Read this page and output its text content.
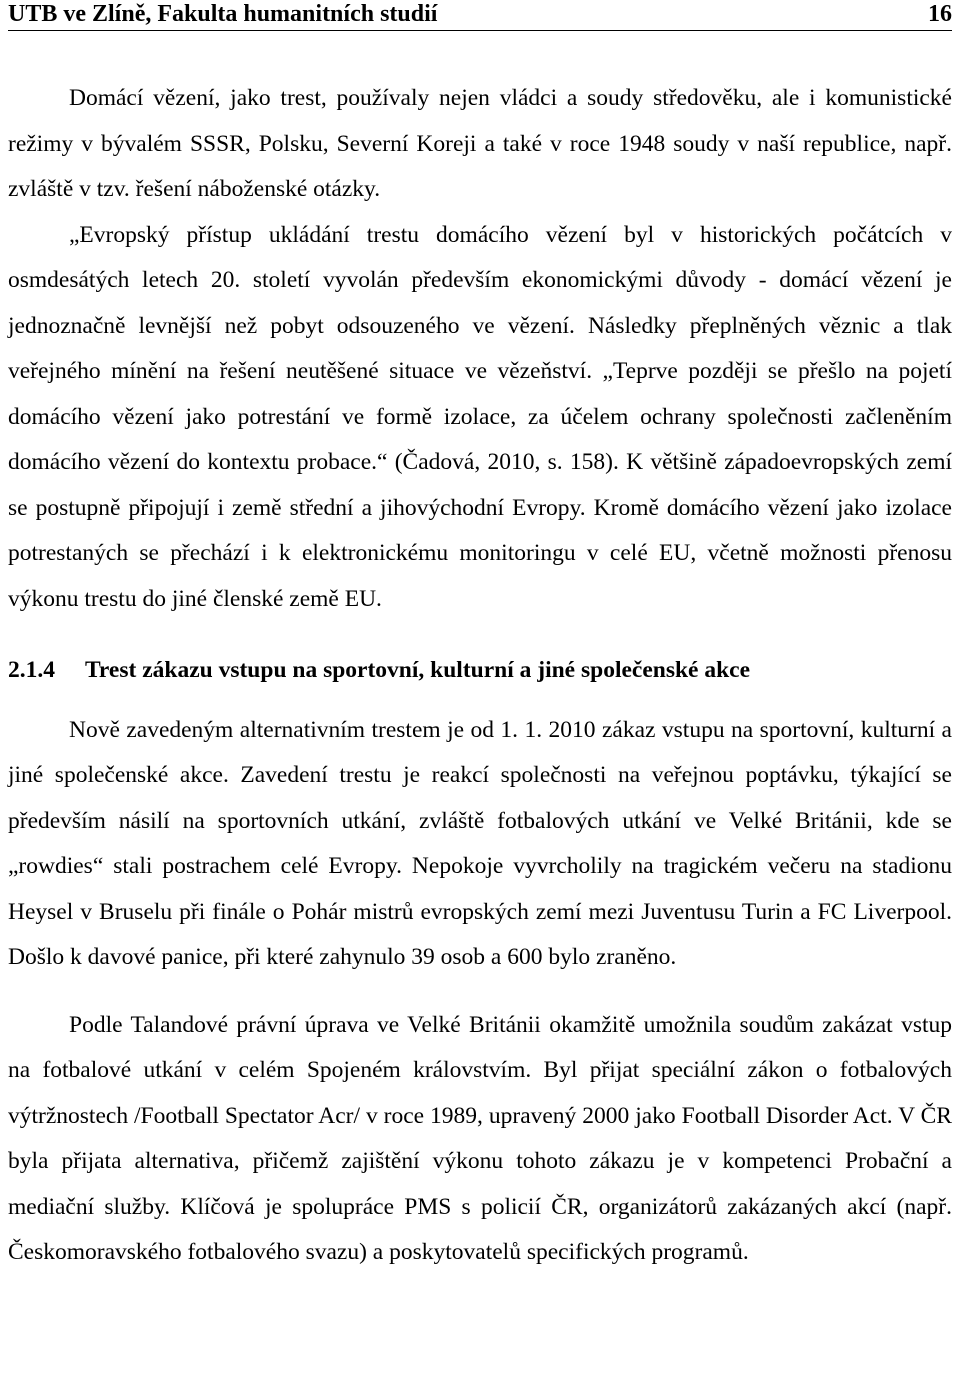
UTB ve Zlíně, Fakulta humanitních studií	16

Domácí vězení, jako trest, používaly nejen vládci a soudy středověku, ale i komunistické režimy v bývalém SSSR, Polsku, Severní Koreji a také v roce 1948 soudy v naší republice, např. zvláště v tzv. řešení náboženské otázky.

„Evropský přístup ukládání trestu domácího vězení byl v historických počátcích v osmdesátých letech 20. století vyvolán především ekonomickými důvody - domácí vězení je jednoznačně levnější než pobyt odsouzeného ve vězení. Následky přeplněných věznic a tlak veřejného mínění na řešení neutěšené situace ve vězeňství. „Teprve později se přešlo na pojetí domácího vězení jako potrestání ve formě izolace, za účelem ochrany společnosti začleněním domácího vězení do kontextu probace.“ (Čadová, 2010, s. 158). K většině západoevropských zemí se postupně připojují i země střední a jihovýchodní Evropy. Kromě domácího vězení jako izolace potrestaných se přechází i k elektronickému monitoringu v celé EU, včetně možnosti přenosu výkonu trestu do jiné členské země EU.

2.1.4	Trest zákazu vstupu na sportovní, kulturní a jiné společenské akce

Nově zavedeným alternativním trestem je od 1. 1. 2010 zákaz vstupu na sportovní, kulturní a jiné společenské akce. Zavedení trestu je reakcí společnosti na veřejnou poptávku, týkající se především násilí na sportovních utkání, zvláště fotbalových utkání ve Velké Británii, kde se „rowdies“ stali postrachem celé Evropy. Nepokoje vyvrcholily na tragickém večeru na stadionu Heysel v Bruselu při finále o Pohár mistrů evropských zemí mezi Juventusu Turin a FC Liverpool. Došlo k davové panice, při které zahynulo 39 osob a 600 bylo zraněno.

Podle Talandové právní úprava ve Velké Británii okamžitě umožnila soudům zakázat vstup na fotbalové utkání v celém Spojeném královstvím. Byl přijat speciální zákon o fotbalových výtržnostech /Football Spectator Acr/ v roce 1989, upravený 2000 jako Football Disorder Act. V ČR byla přijata alternativa, přičemž zajištění výkonu tohoto zákazu je v kompetenci Probační a mediační služby. Klíčová je spolupráce PMS s policií ČR, organizátorů zakázaných akcí (např. Českomoravského fotbalového svazu) a poskytovatelů specifických programů.
